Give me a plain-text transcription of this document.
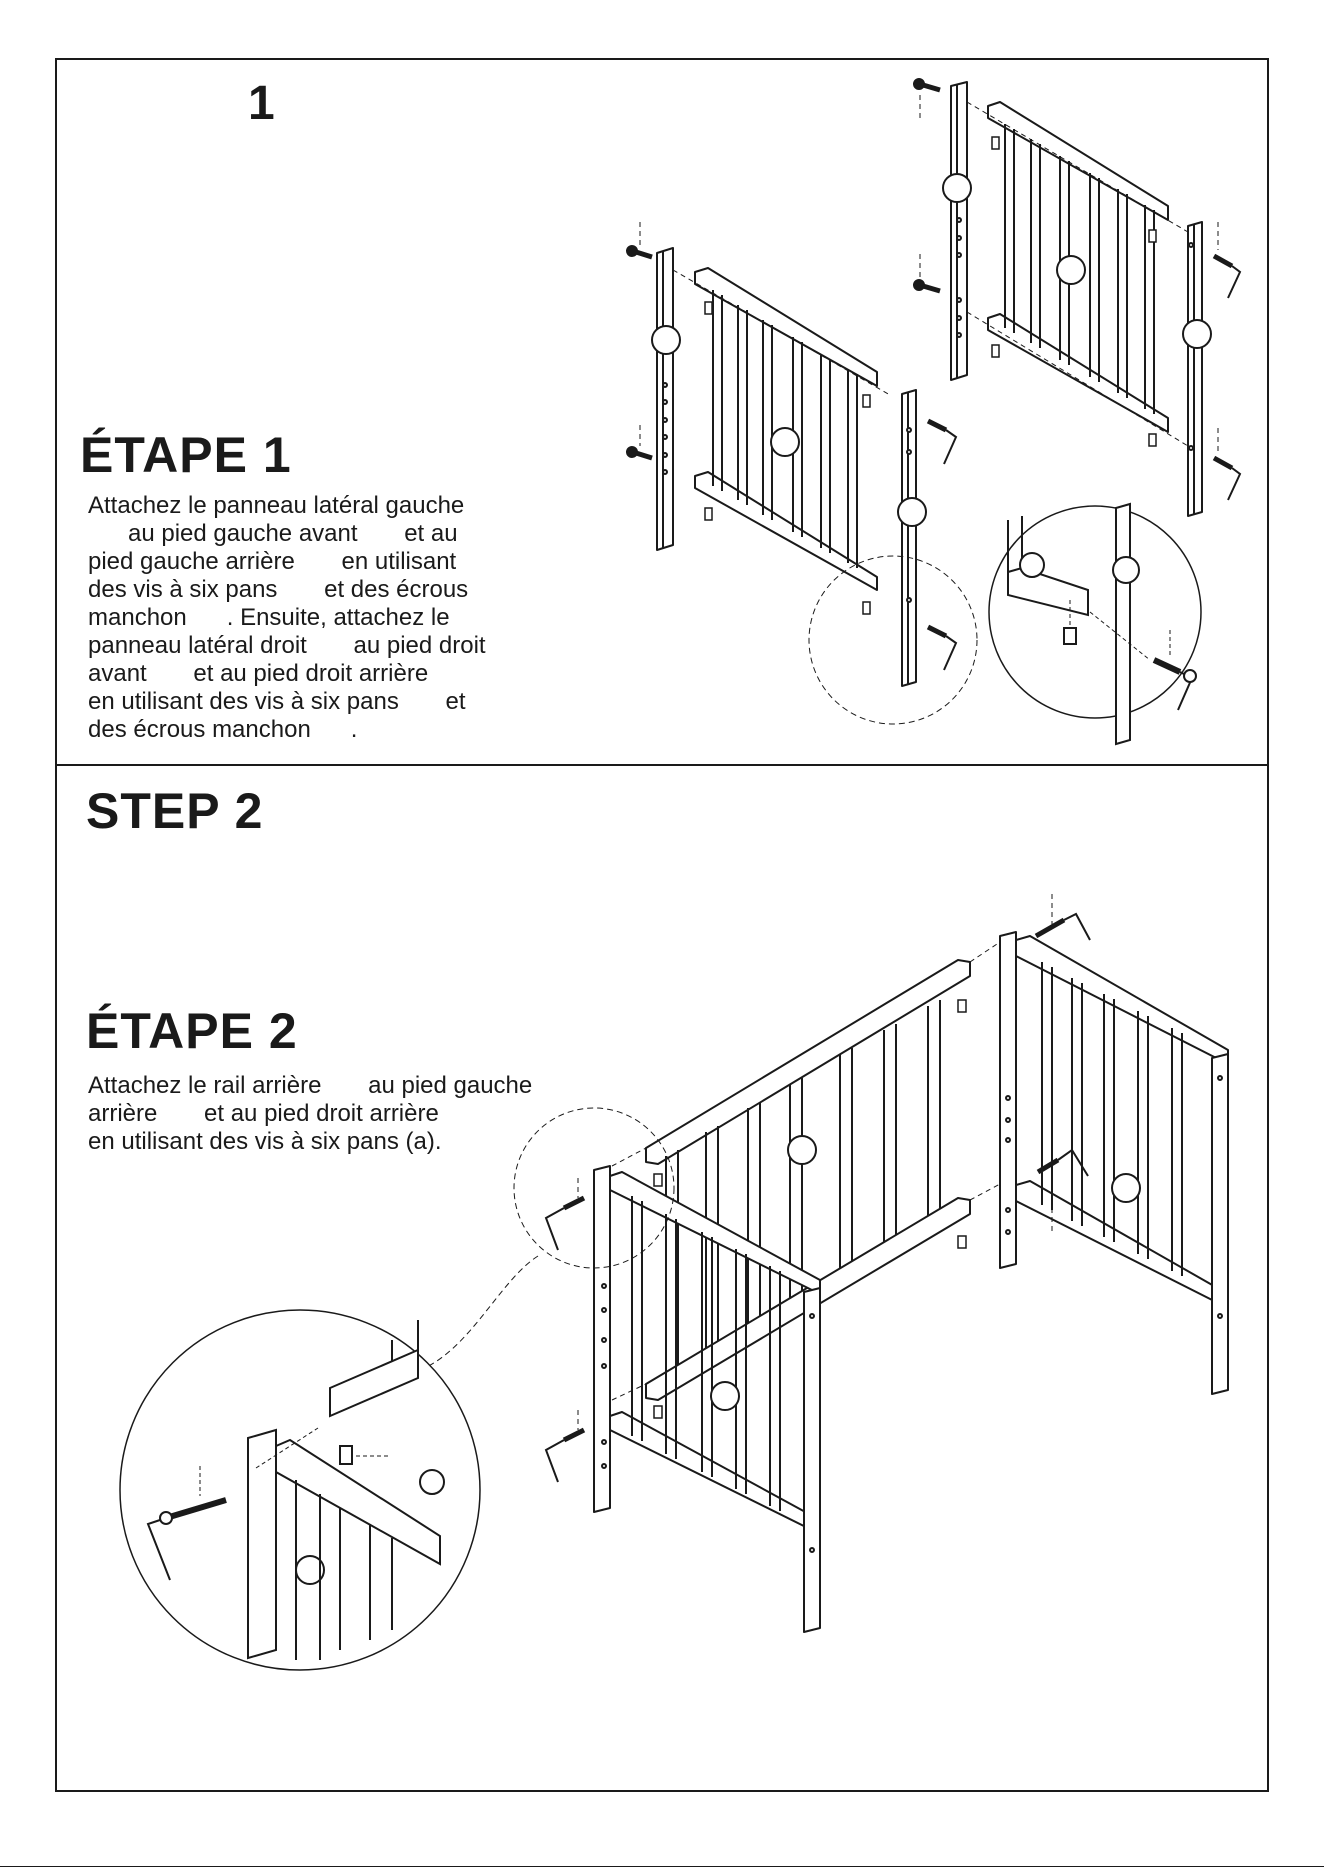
1
ÉTAPE 1
Attachez le panneau latéral gauche
au pied gauche avant       et au
pied gauche arrière       en utilisant
des vis à six pans       et des écrous
manchon      . Ensuite, attachez le
panneau latéral droit       au pied droit
avant       et au pied droit arrière
en utilisant des vis à six pans       et
des écrous manchon      .
STEP 2
ÉTAPE 2
Attachez le rail arrière       au pied gauche
arrière       et au pied droit arrière
en utilisant des vis à six pans (a).
